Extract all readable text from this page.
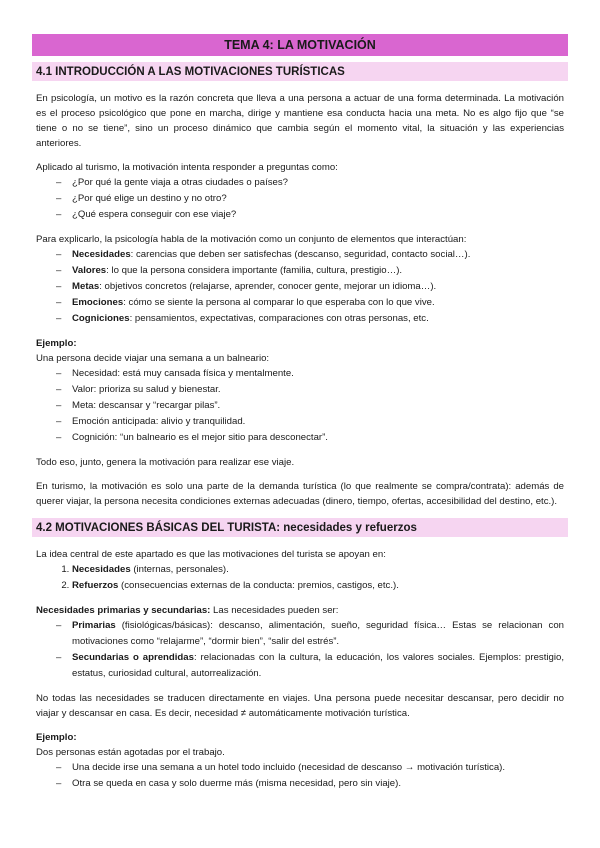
TEMA 4: LA MOTIVACIÓN
4.1 INTRODUCCIÓN A LAS MOTIVACIONES TURÍSTICAS

En psicología, un motivo es la razón concreta que lleva a una persona a actuar de una forma determinada. La motivación es el proceso psicológico que pone en marcha, dirige y mantiene esa conducta hacia una meta. No es algo fijo que “se tiene o no se tiene”, sino un proceso dinámico que cambia según el momento vital, la situación y las experiencias anteriores.

Aplicado al turismo, la motivación intenta responder a preguntas como:

– ¿Por qué la gente viaja a otras ciudades o países?
– ¿Por qué elige un destino y no otro?
– ¿Qué espera conseguir con ese viaje?

Para explicarlo, la psicología habla de la motivación como un conjunto de elementos que interactúan:

– Necesidades: carencias que deben ser satisfechas (descanso, seguridad, contacto social…).
– Valores: lo que la persona considera importante (familia, cultura, prestigio…).
– Metas: objetivos concretos (relajarse, aprender, conocer gente, mejorar un idioma…).
– Emociones: cómo se siente la persona al comparar lo que esperaba con lo que vive.
– Cogniciones: pensamientos, expectativas, comparaciones con otras personas, etc.
Ejemplo:

Una persona decide viajar una semana a un balneario:

– Necesidad: está muy cansada física y mentalmente.
– Valor: prioriza su salud y bienestar.
– Meta: descansar y “recargar pilas”.
– Emoción anticipada: alivio y tranquilidad.
– Cognición: “un balneario es el mejor sitio para desconectar”.

Todo eso, junto, genera la motivación para realizar ese viaje.

En turismo, la motivación es solo una parte de la demanda turística (lo que realmente se compra/contrata): además de querer viajar, la persona necesita condiciones externas adecuadas (dinero, tiempo, ofertas, accesibilidad del destino, etc.).

4.2 MOTIVACIONES BÁSICAS DEL TURISTA: necesidades y refuerzos

La idea central de este apartado es que las motivaciones del turista se apoyan en:

1. Necesidades (internas, personales).
2. Refuerzos (consecuencias externas de la conducta: premios, castigos, etc.).

Necesidades primarias y secundarias: Las necesidades pueden ser:

– Primarias (fisiológicas/básicas): descanso, alimentación, sueño, seguridad física… Estas se relacionan con motivaciones como “relajarme”, “dormir bien”, “salir del estrés”.
– Secundarias o aprendidas: relacionadas con la cultura, la educación, los valores sociales. Ejemplos: prestigio, estatus, curiosidad cultural, autorrealización.

No todas las necesidades se traducen directamente en viajes. Una persona puede necesitar descansar, pero decidir no viajar y descansar en casa. Es decir, necesidad ≠ automáticamente motivación turística.

Ejemplo:

Dos personas están agotadas por el trabajo.

– Una decide irse una semana a un hotel todo incluido (necesidad de descanso → motivación turística).
– Otra se queda en casa y solo duerme más (misma necesidad, pero sin viaje).
